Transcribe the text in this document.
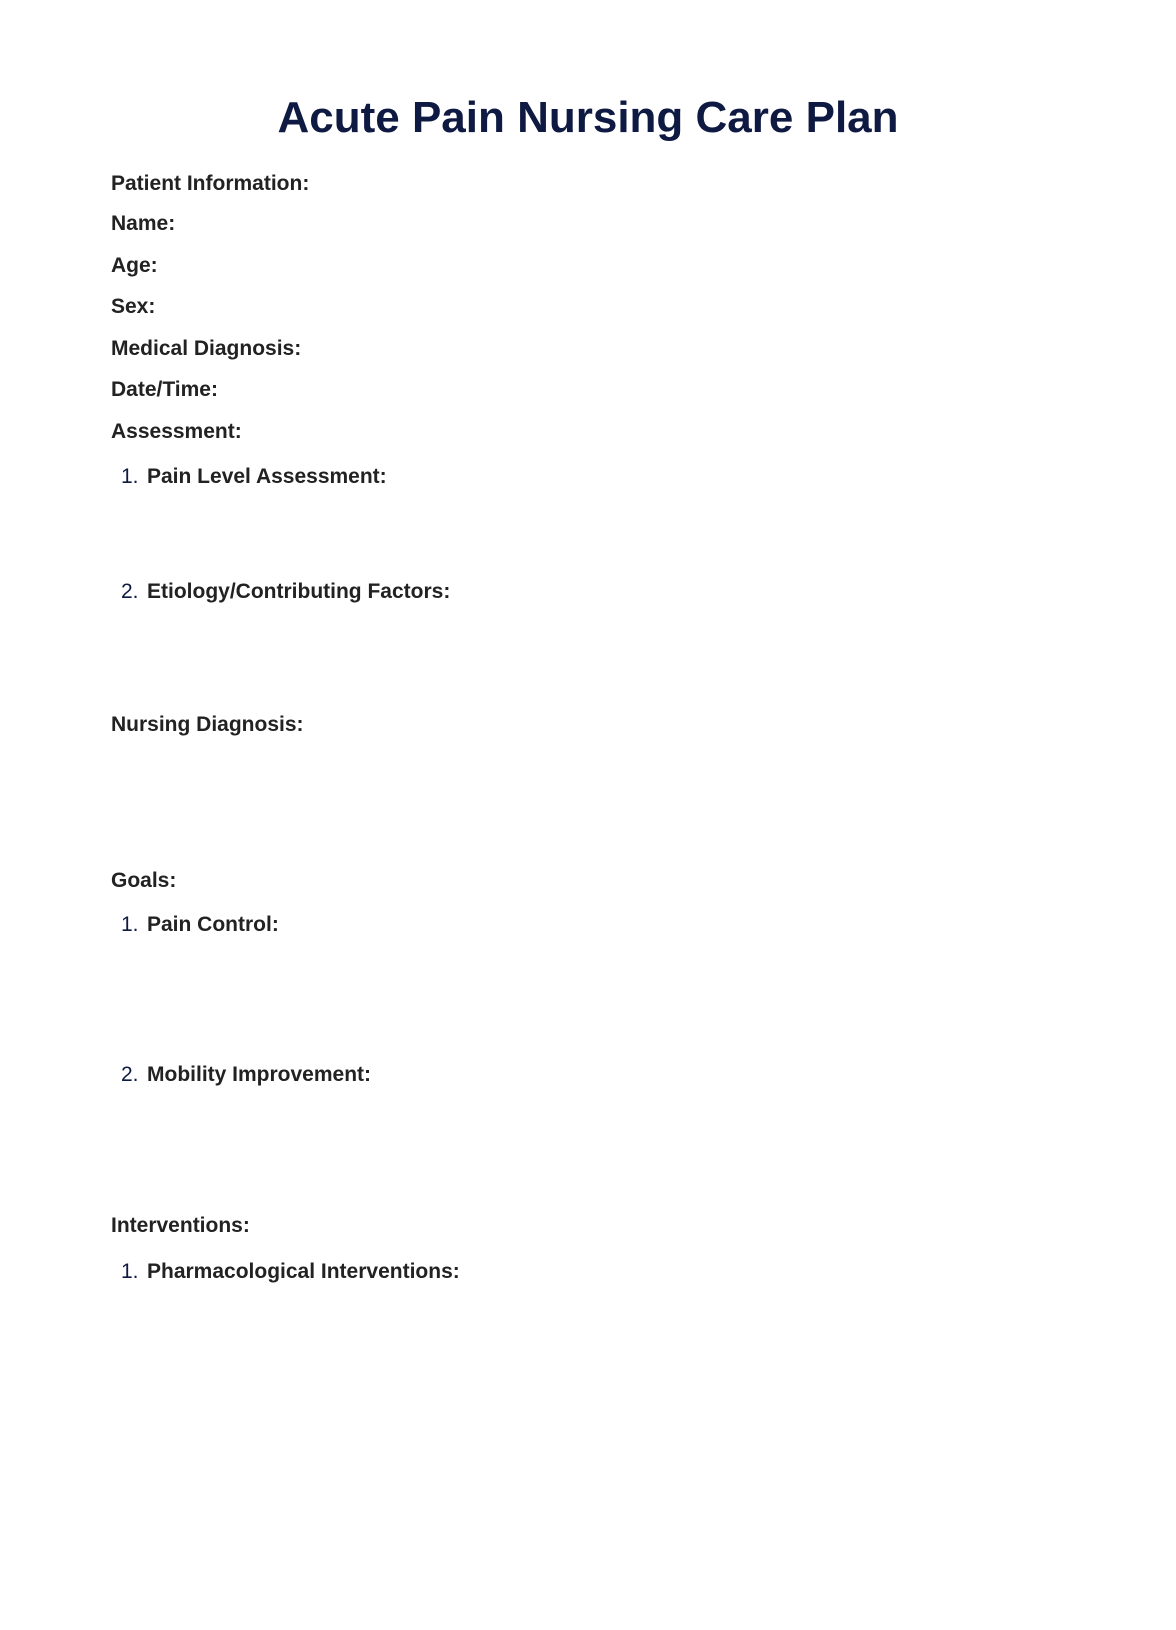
Acute Pain Nursing Care Plan
Patient Information:
Name:
Age:
Sex:
Medical Diagnosis:
Date/Time:
Assessment:
1. Pain Level Assessment:
2. Etiology/Contributing Factors:
Nursing Diagnosis:
Goals:
1. Pain Control:
2. Mobility Improvement:
Interventions:
1. Pharmacological Interventions:
